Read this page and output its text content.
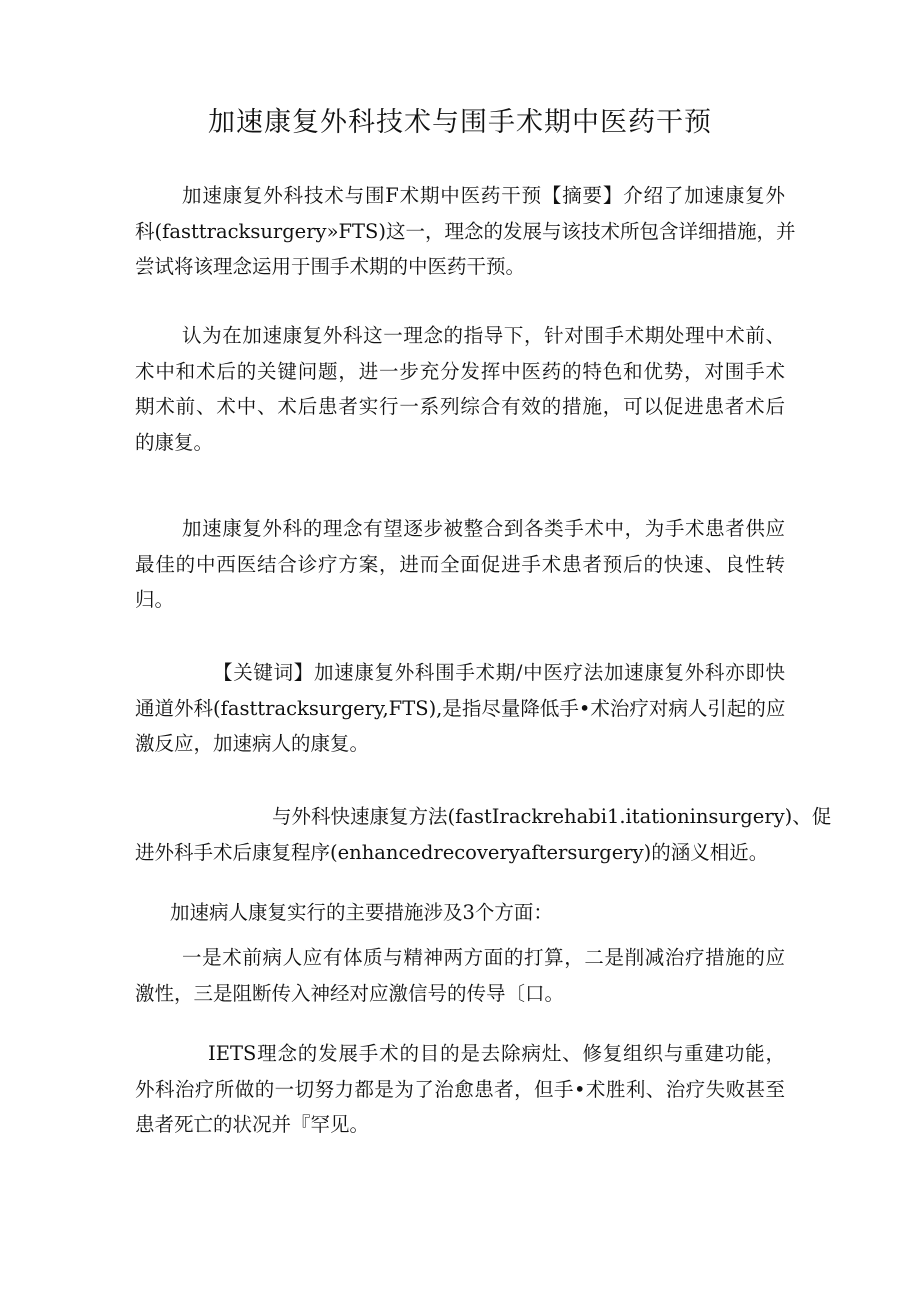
加速康复外科技术与围手术期中医药干预
加速康复外科技术与围F术期中医药干预【摘要】介绍了加速康复外
科(fasttracksurgery»FTS)这一，理念的发展与该技术所包含详细措施，并
尝试将该理念运用于围手术期的中医药干预。
认为在加速康复外科这一理念的指导下，针对围手术期处理中术前、
术中和术后的关键问题，进一步充分发挥中医药的特色和优势，对围手术
期术前、术中、术后患者实行一系列综合有效的措施，可以促进患者术后
的康复。
加速康复外科的理念有望逐步被整合到各类手术中，为手术患者供应
最佳的中西医结合诊疗方案，进而全面促进手术患者预后的快速、良性转
归。
【关键词】加速康复外科围手术期/中医疗法加速康复外科亦即快
通道外科(fasttracksurgery,FTS),是指尽量降低手•术治疗对病人引起的应
激反应，加速病人的康复。
与外科快速康复方法(fastIrackrehabi1.itationinsurgery)、促
进外科手术后康复程序(enhancedrecoveryaftersurgery)的涵义相近。
加速病人康复实行的主要措施涉及3个方面：
一是术前病人应有体质与精神两方面的打算，二是削减治疗措施的应
激性，三是阻断传入神经对应激信号的传导〔口。
IETS理念的发展手术的目的是去除病灶、修复组织与重建功能，
外科治疗所做的一切努力都是为了治愈患者，但手•术胜利、治疗失败甚至
患者死亡的状况并『罕见。
